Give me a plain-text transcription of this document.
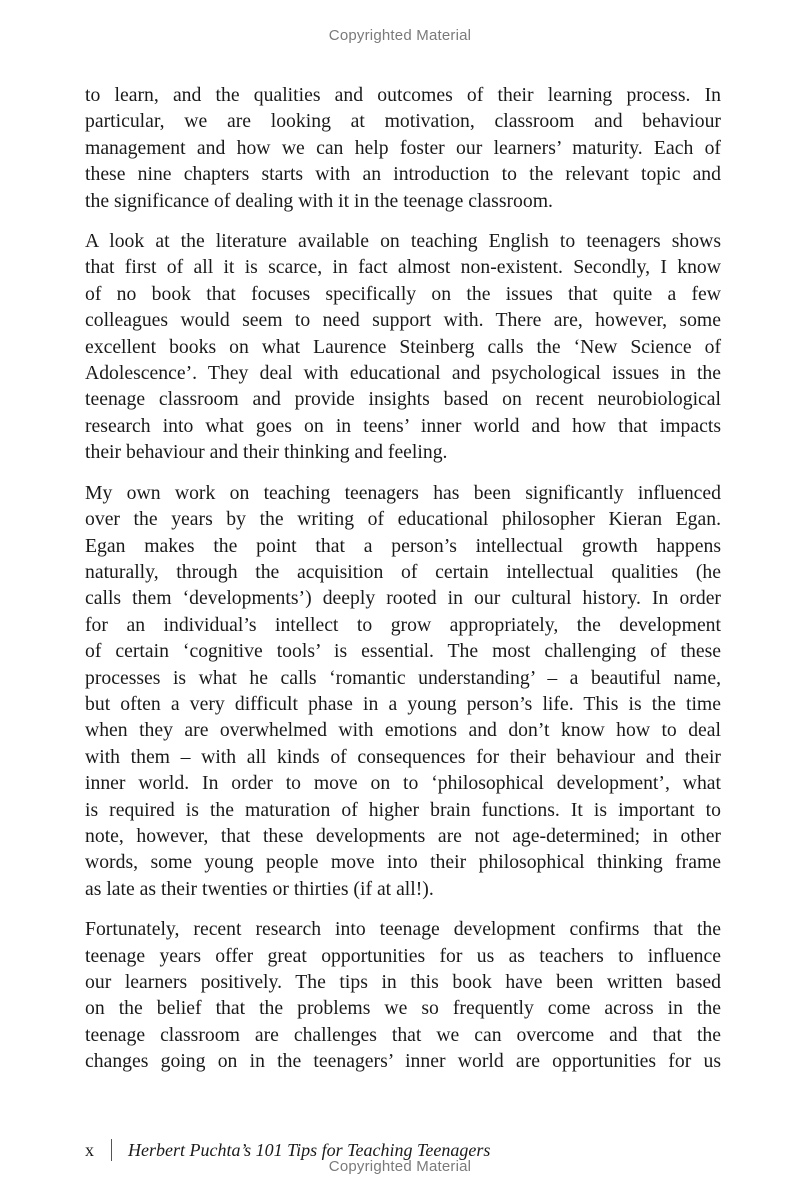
Copyrighted Material

to learn, and the qualities and outcomes of their learning process. In
particular, we are looking at motivation, classroom and behaviour
management and how we can help foster our learners’ maturity. Each of
these nine chapters starts with an introduction to the relevant topic and
the significance of dealing with it in the teenage classroom.

A look at the literature available on teaching English to teenagers shows
that first of all it is scarce, in fact almost non-existent. Secondly, I know
of no book that focuses specifically on the issues that quite a few
colleagues would seem to need support with. There are, however, some
excellent books on what Laurence Steinberg calls the ‘New Science of
Adolescence’. They deal with educational and psychological issues in the
teenage classroom and provide insights based on recent neurobiological
research into what goes on in teens’ inner world and how that impacts
their behaviour and their thinking and feeling.

My own work on teaching teenagers has been significantly influenced
over the years by the writing of educational philosopher Kieran Egan.
Egan makes the point that a person’s intellectual growth happens
naturally, through the acquisition of certain intellectual qualities (he
calls them ‘developments’) deeply rooted in our cultural history. In order
for an individual’s intellect to grow appropriately, the development
of certain ‘cognitive tools’ is essential. The most challenging of these
processes is what he calls ‘romantic understanding’ – a beautiful name,
but often a very difficult phase in a young person’s life. This is the time
when they are overwhelmed with emotions and don’t know how to deal
with them – with all kinds of consequences for their behaviour and their
inner world. In order to move on to ‘philosophical development’, what
is required is the maturation of higher brain functions. It is important to
note, however, that these developments are not age-determined; in other
words, some young people move into their philosophical thinking frame
as late as their twenties or thirties (if at all!).

Fortunately, recent research into teenage development confirms that the
teenage years offer great opportunities for us as teachers to influence
our learners positively. The tips in this book have been written based
on the belief that the problems we so frequently come across in the
teenage classroom are challenges that we can overcome and that the
changes going on in the teenagers’ inner world are opportunities for us

x	Herbert Puchta’s 101 Tips for Teaching Teenagers
Copyrighted Material
